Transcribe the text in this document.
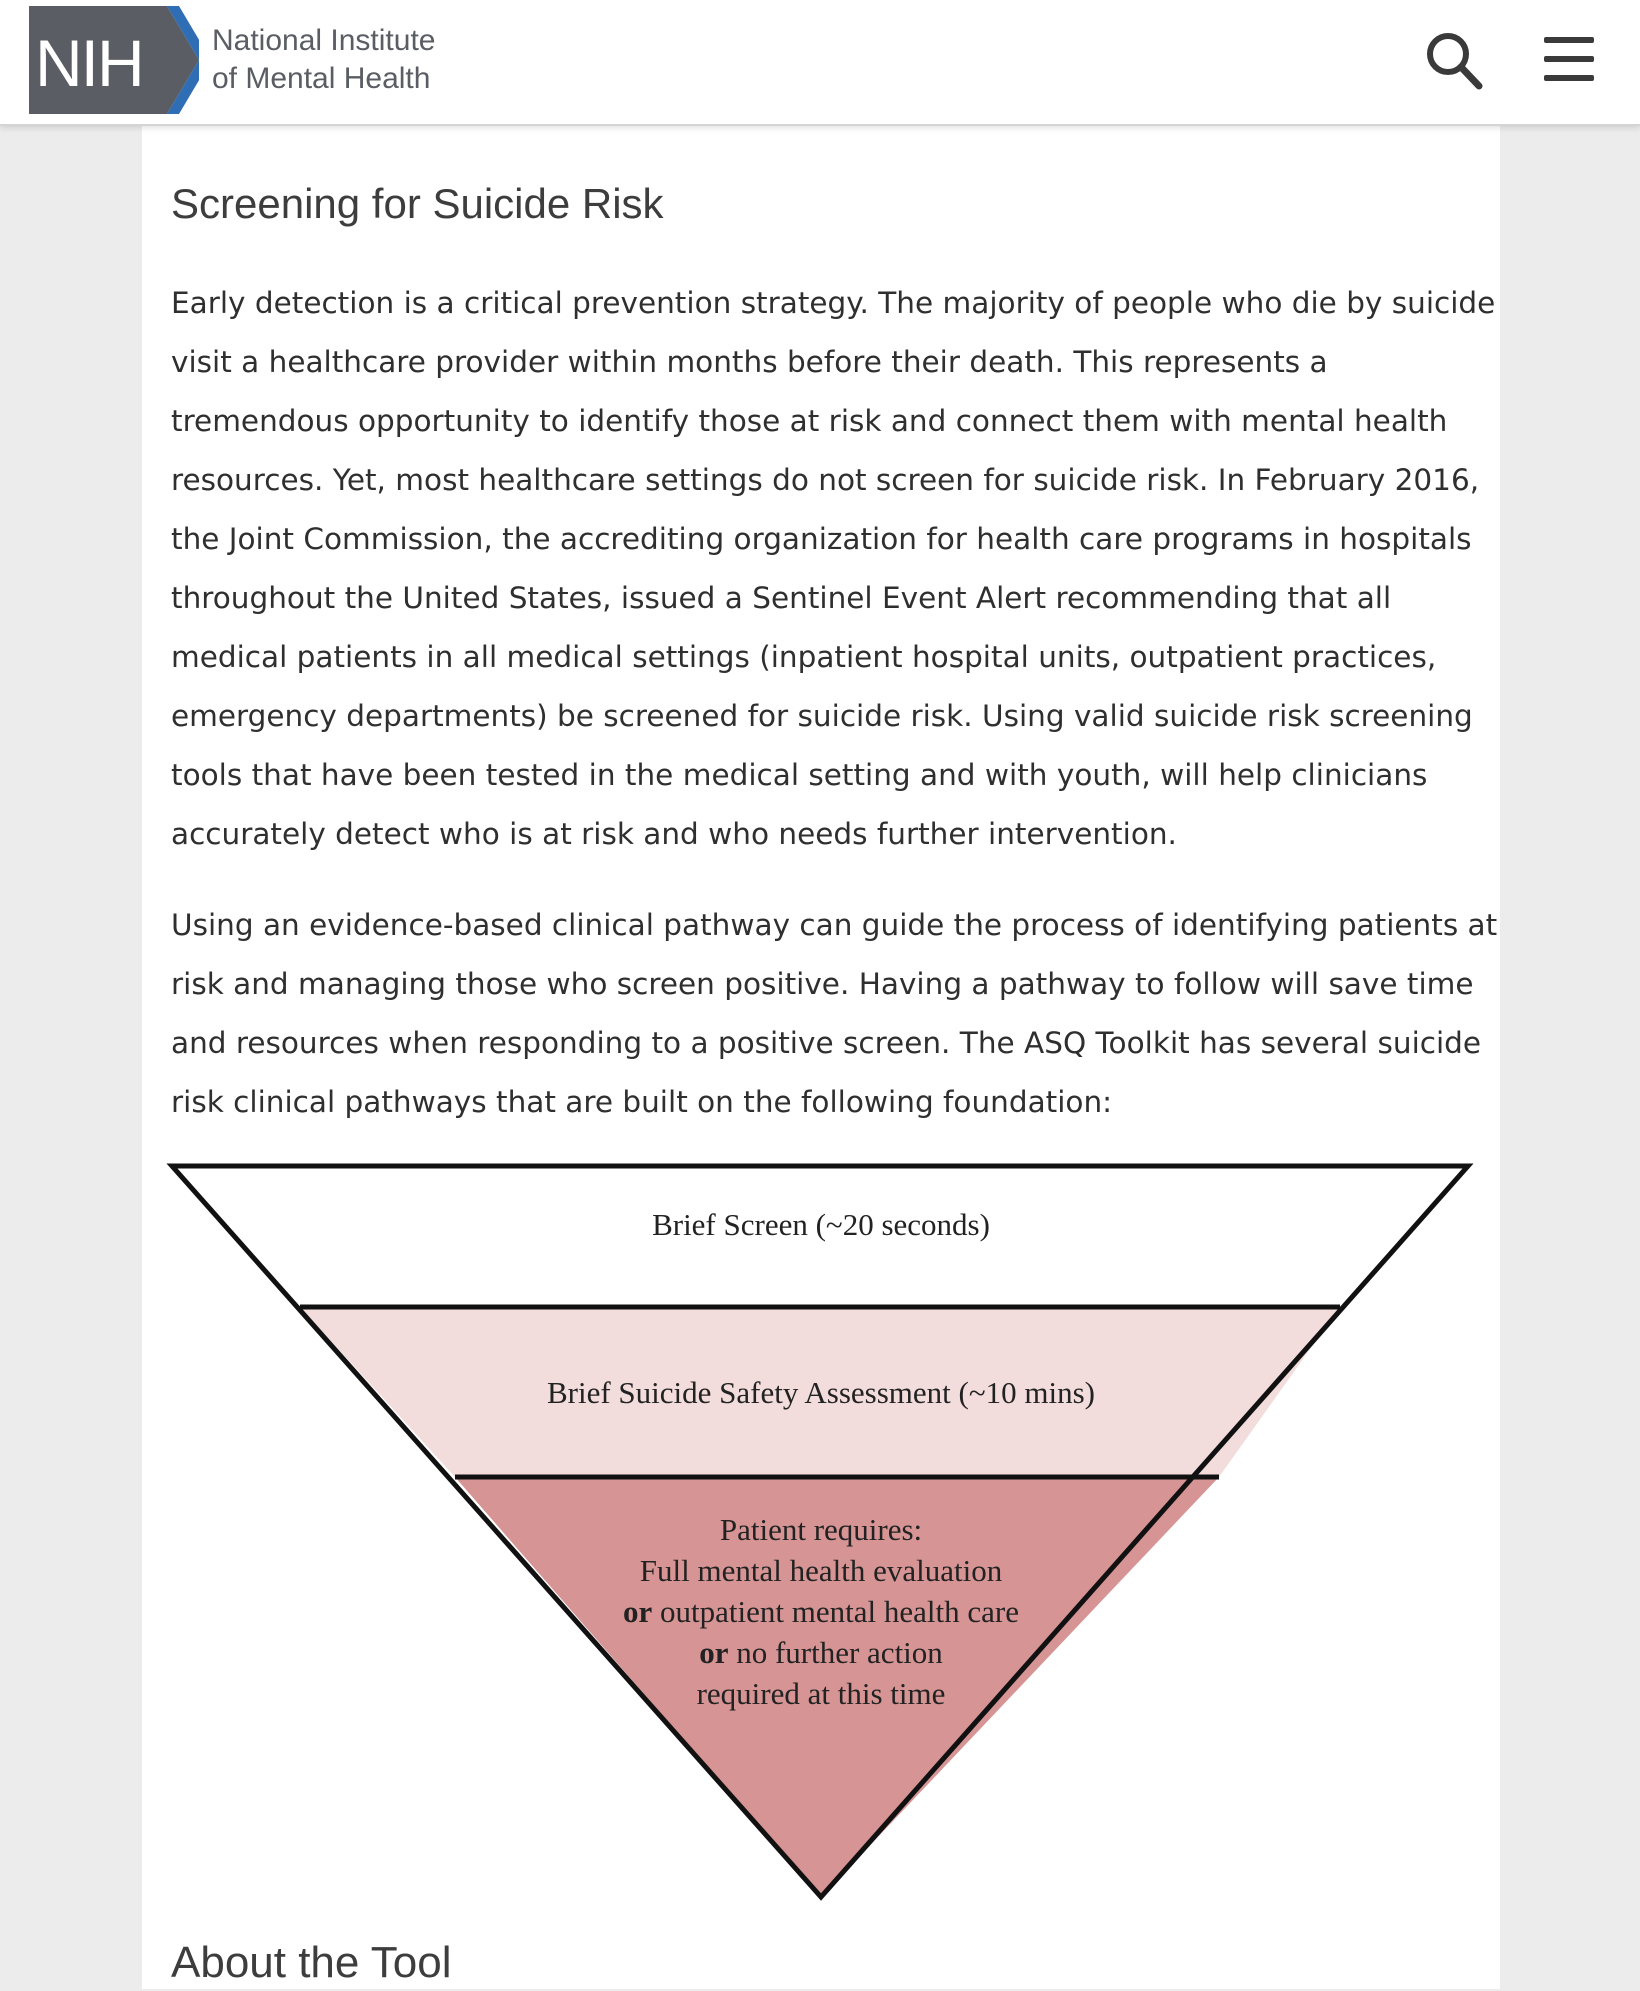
NIH National Institute
of Mental Health
Screening for Suicide Risk
Early detection is a critical prevention strategy. The majority of people who die by suicide
visit a healthcare provider within months before their death. This represents a
tremendous opportunity to identify those at risk and connect them with mental health
resources. Yet, most healthcare settings do not screen for suicide risk. In February 2016,
the Joint Commission, the accrediting organization for health care programs in hospitals
throughout the United States, issued a Sentinel Event Alert recommending that all
medical patients in all medical settings (inpatient hospital units, outpatient practices,
emergency departments) be screened for suicide risk. Using valid suicide risk screening
tools that have been tested in the medical setting and with youth, will help clinicians
accurately detect who is at risk and who needs further intervention.
Using an evidence-based clinical pathway can guide the process of identifying patients at
risk and managing those who screen positive. Having a pathway to follow will save time
and resources when responding to a positive screen. The ASQ Toolkit has several suicide
risk clinical pathways that are built on the following foundation:
Brief Screen (~20 seconds)
Brief Suicide Safety Assessment (~10 mins)
Patient requires:
Full mental health evaluation
or outpatient mental health care
or no further action
required at this time
About the Tool
